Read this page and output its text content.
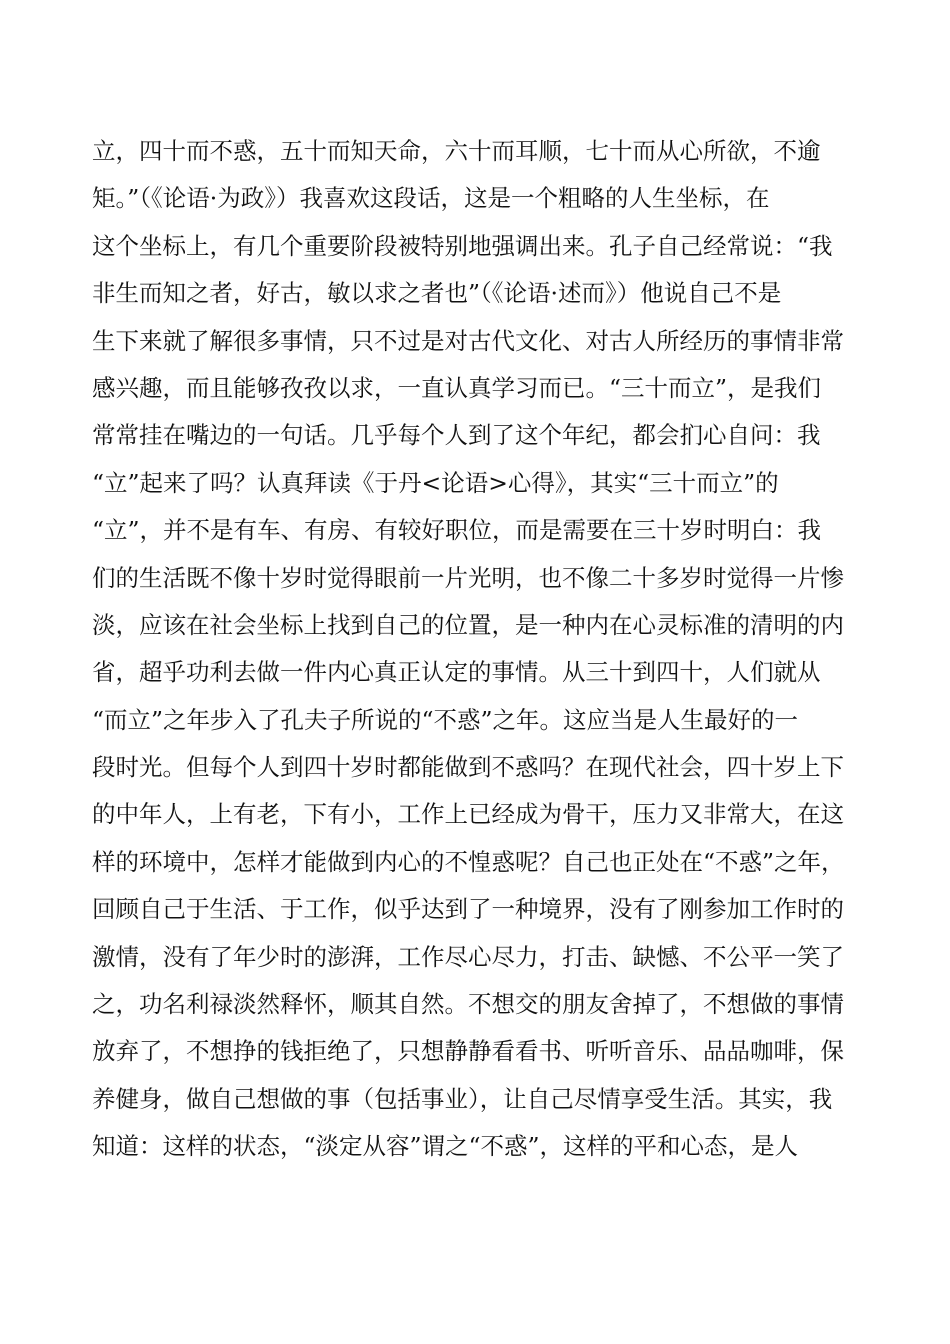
立，四十而不惑，五十而知天命，六十而耳顺，七十而从心所欲，不逾
矩。”（《论语·为政》）我喜欢这段话，这是一个粗略的人生坐标，在
这个坐标上，有几个重要阶段被特别地强调出来。孔子自己经常说：“我
非生而知之者，好古，敏以求之者也”（《论语·述而》）他说自己不是
生下来就了解很多事情，只不过是对古代文化、对古人所经历的事情非常
感兴趣，而且能够孜孜以求，一直认真学习而已。“三十而立”，是我们
常常挂在嘴边的一句话。几乎每个人到了这个年纪，都会扪心自问：我
“立”起来了吗？认真拜读《于丹<论语>心得》，其实“三十而立”的
“立”，并不是有车、有房、有较好职位，而是需要在三十岁时明白：我
们的生活既不像十岁时觉得眼前一片光明，也不像二十多岁时觉得一片惨
淡，应该在社会坐标上找到自己的位置，是一种内在心灵标准的清明的内
省，超乎功利去做一件内心真正认定的事情。从三十到四十，人们就从
“而立”之年步入了孔夫子所说的“不惑”之年。这应当是人生最好的一
段时光。但每个人到四十岁时都能做到不惑吗？在现代社会，四十岁上下
的中年人，上有老，下有小，工作上已经成为骨干，压力又非常大，在这
样的环境中，怎样才能做到内心的不惶惑呢？自己也正处在“不惑”之年，
回顾自己于生活、于工作，似乎达到了一种境界，没有了刚参加工作时的
激情，没有了年少时的澎湃，工作尽心尽力，打击、缺憾、不公平一笑了
之，功名利禄淡然释怀，顺其自然。不想交的朋友舍掉了，不想做的事情
放弃了，不想挣的钱拒绝了，只想静静看看书、听听音乐、品品咖啡，保
养健身，做自己想做的事（包括事业），让自己尽情享受生活。其实，我
知道：这样的状态，“淡定从容”谓之“不惑”，这样的平和心态，是人
